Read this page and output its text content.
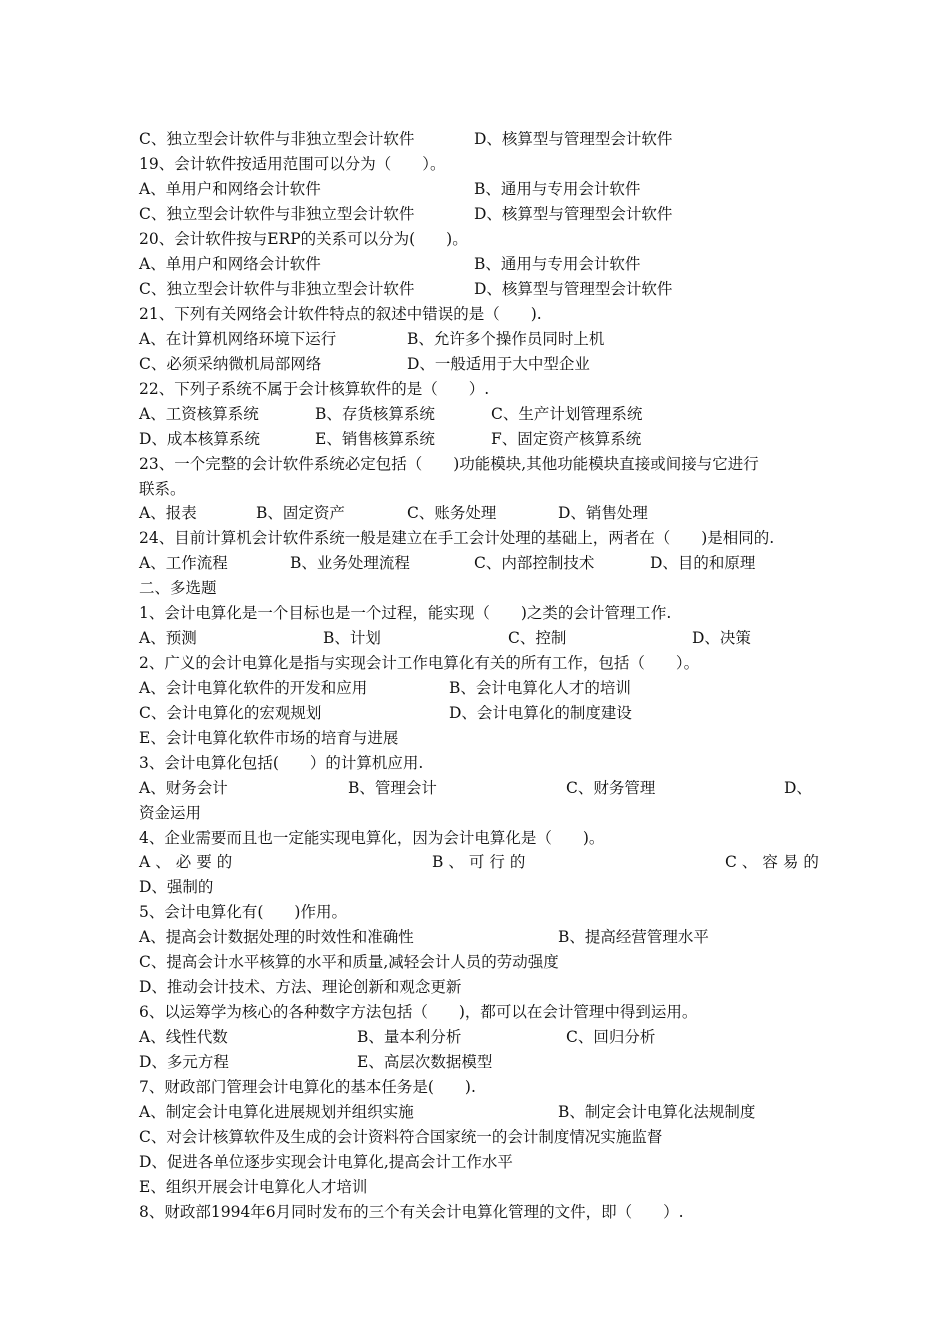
C、独立型会计软件与非独立型会计软件	D、核算型与管理型会计软件
19、会计软件按适用范围可以分为（　　）。
A、单用户和网络会计软件	B、通用与专用会计软件
C、独立型会计软件与非独立型会计软件	D、核算型与管理型会计软件
20、会计软件按与ERP的关系可以分为(　　)。
A、单用户和网络会计软件	B、通用与专用会计软件
C、独立型会计软件与非独立型会计软件	D、核算型与管理型会计软件
21、下列有关网络会计软件特点的叙述中错误的是（　　).
A、在计算机网络环境下运行	B、允许多个操作员同时上机
C、必须采纳微机局部网络	D、一般适用于大中型企业
22、下列子系统不属于会计核算软件的是（　　）.
A、工资核算系统	B、存货核算系统	C、生产计划管理系统
D、成本核算系统	E、销售核算系统	F、固定资产核算系统
23、一个完整的会计软件系统必定包括（　　)功能模块,其他功能模块直接或间接与它进行
联系。
A、报表	B、固定资产	C、账务处理	D、销售处理
24、目前计算机会计软件系统一般是建立在手工会计处理的基础上，两者在（　　)是相同的.
A、工作流程	B、业务处理流程	C、内部控制技术	D、目的和原理
二、多选题
1、会计电算化是一个目标也是一个过程，能实现（　　)之类的会计管理工作.
A、预测	B、计划	C、控制	D、决策
2、广义的会计电算化是指与实现会计工作电算化有关的所有工作，包括（　　）。
A、会计电算化软件的开发和应用	B、会计电算化人才的培训
C、会计电算化的宏观规划	D、会计电算化的制度建设
E、会计电算化软件市场的培育与进展
3、会计电算化包括(　　）的计算机应用.
A、财务会计	B、管理会计	C、财务管理	D、
资金运用
4、企业需要而且也一定能实现电算化，因为会计电算化是（　　)。
A、必要的	B、可行的	C、容易的
D、强制的
5、会计电算化有(　　)作用。
A、提高会计数据处理的时效性和准确性	B、提高经营管理水平
C、提高会计水平核算的水平和质量,减轻会计人员的劳动强度
D、推动会计技术、方法、理论创新和观念更新
6、以运筹学为核心的各种数字方法包括（　　)，都可以在会计管理中得到运用。
A、线性代数	B、量本利分析	C、回归分析
D、多元方程	E、高层次数据模型
7、财政部门管理会计电算化的基本任务是(　　).
A、制定会计电算化进展规划并组织实施	B、制定会计电算化法规制度
C、对会计核算软件及生成的会计资料符合国家统一的会计制度情况实施监督
D、促进各单位逐步实现会计电算化,提高会计工作水平
E、组织开展会计电算化人才培训
8、财政部1994年6月同时发布的三个有关会计电算化管理的文件，即（　　）.
